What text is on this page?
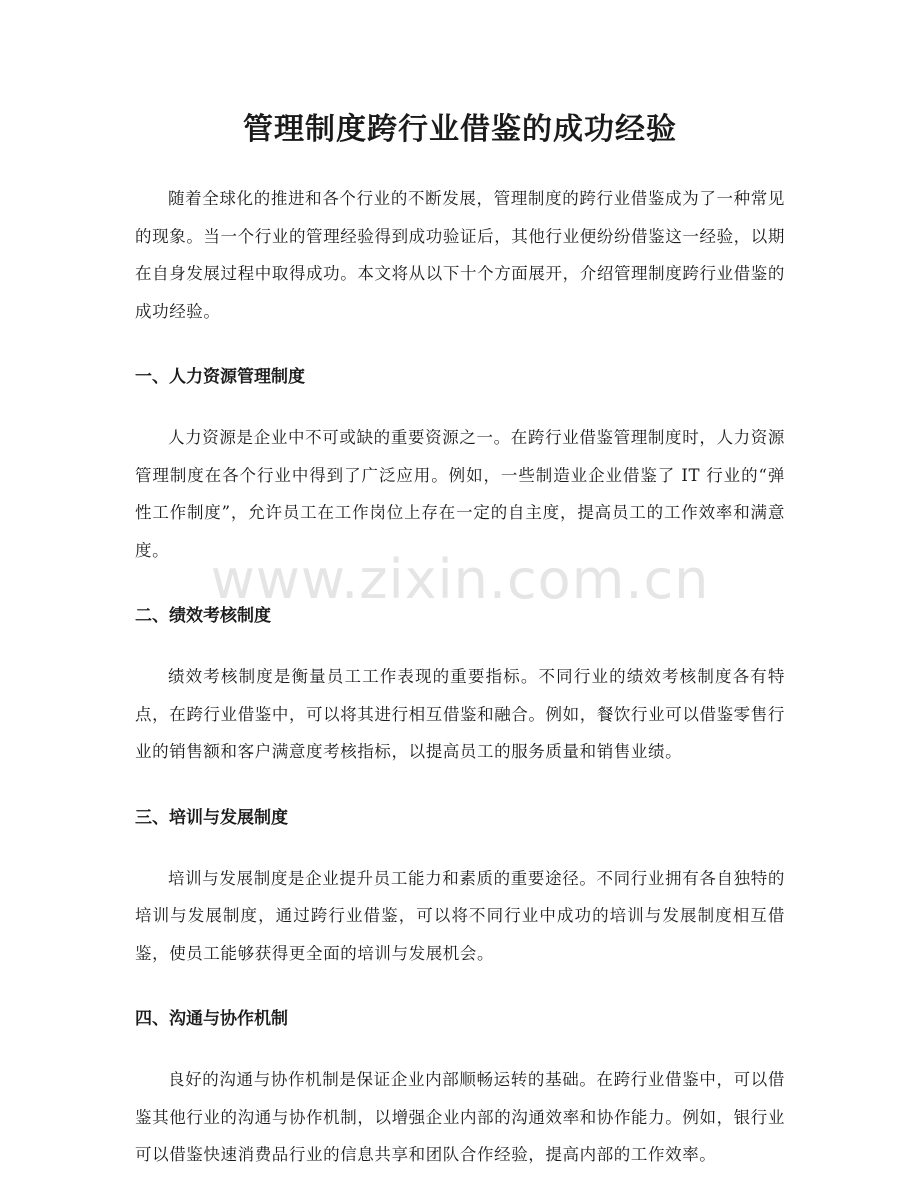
管理制度跨行业借鉴的成功经验

随着全球化的推进和各个行业的不断发展，管理制度的跨行业借鉴成为了一种常见的现象。当一个行业的管理经验得到成功验证后，其他行业便纷纷借鉴这一经验，以期在自身发展过程中取得成功。本文将从以下十个方面展开，介绍管理制度跨行业借鉴的成功经验。

一、人力资源管理制度

人力资源是企业中不可或缺的重要资源之一。在跨行业借鉴管理制度时，人力资源管理制度在各个行业中得到了广泛应用。例如，一些制造业企业借鉴了 IT 行业的“弹性工作制度”，允许员工在工作岗位上存在一定的自主度，提高员工的工作效率和满意度。

二、绩效考核制度

绩效考核制度是衡量员工工作表现的重要指标。不同行业的绩效考核制度各有特点，在跨行业借鉴中，可以将其进行相互借鉴和融合。例如，餐饮行业可以借鉴零售行业的销售额和客户满意度考核指标，以提高员工的服务质量和销售业绩。

三、培训与发展制度

培训与发展制度是企业提升员工能力和素质的重要途径。不同行业拥有各自独特的培训与发展制度，通过跨行业借鉴，可以将不同行业中成功的培训与发展制度相互借鉴，使员工能够获得更全面的培训与发展机会。

四、沟通与协作机制

良好的沟通与协作机制是保证企业内部顺畅运转的基础。在跨行业借鉴中，可以借鉴其他行业的沟通与协作机制，以增强企业内部的沟通效率和协作能力。例如，银行业可以借鉴快速消费品行业的信息共享和团队合作经验，提高内部的工作效率。

www.zixin.com.cn
